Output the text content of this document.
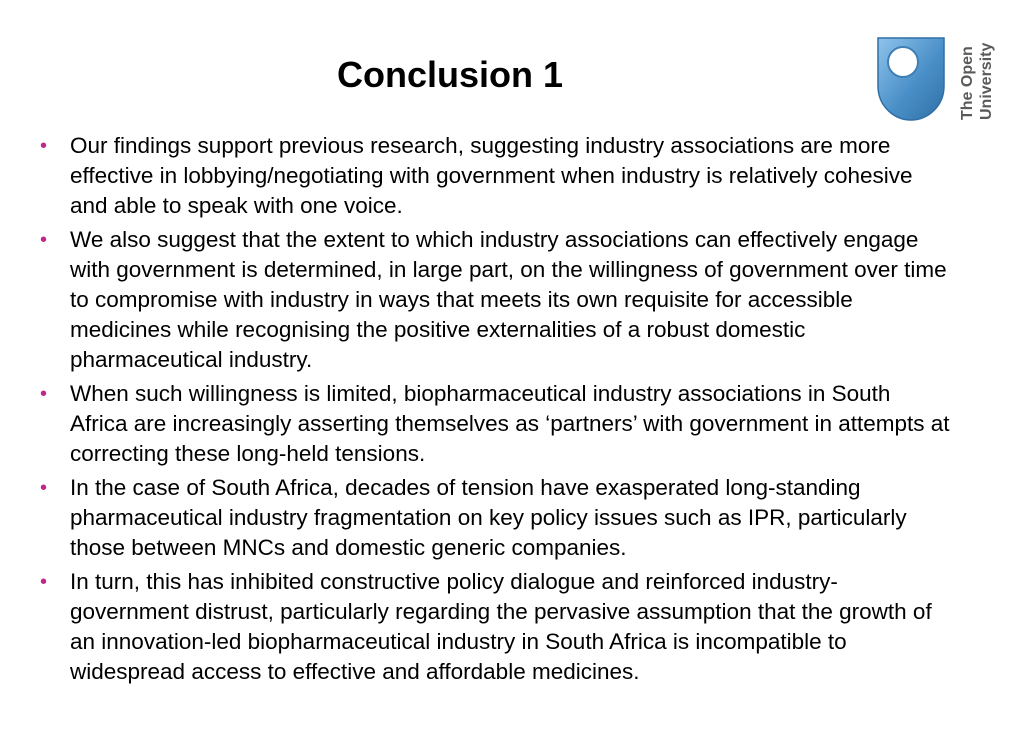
Conclusion 1	The Open University
• Our findings support previous research, suggesting industry associations are more effective in lobbying/negotiating with government when industry is relatively cohesive and able to speak with one voice.
• We also suggest that the extent to which industry associations can effectively engage with government is determined, in large part, on the willingness of government over time to compromise with industry in ways that meets its own requisite for accessible medicines while recognising the positive externalities of a robust domestic pharmaceutical industry.
• When such willingness is limited, biopharmaceutical industry associations in South Africa are increasingly asserting themselves as ‘partners’ with government in attempts at correcting these long-held tensions.
• In the case of South Africa, decades of tension have exasperated long-standing pharmaceutical industry fragmentation on key policy issues such as IPR, particularly those between MNCs and domestic generic companies.
• In turn, this has inhibited constructive policy dialogue and reinforced industry-government distrust, particularly regarding the pervasive assumption that the growth of an innovation-led biopharmaceutical industry in South Africa is incompatible to widespread access to effective and affordable medicines.
